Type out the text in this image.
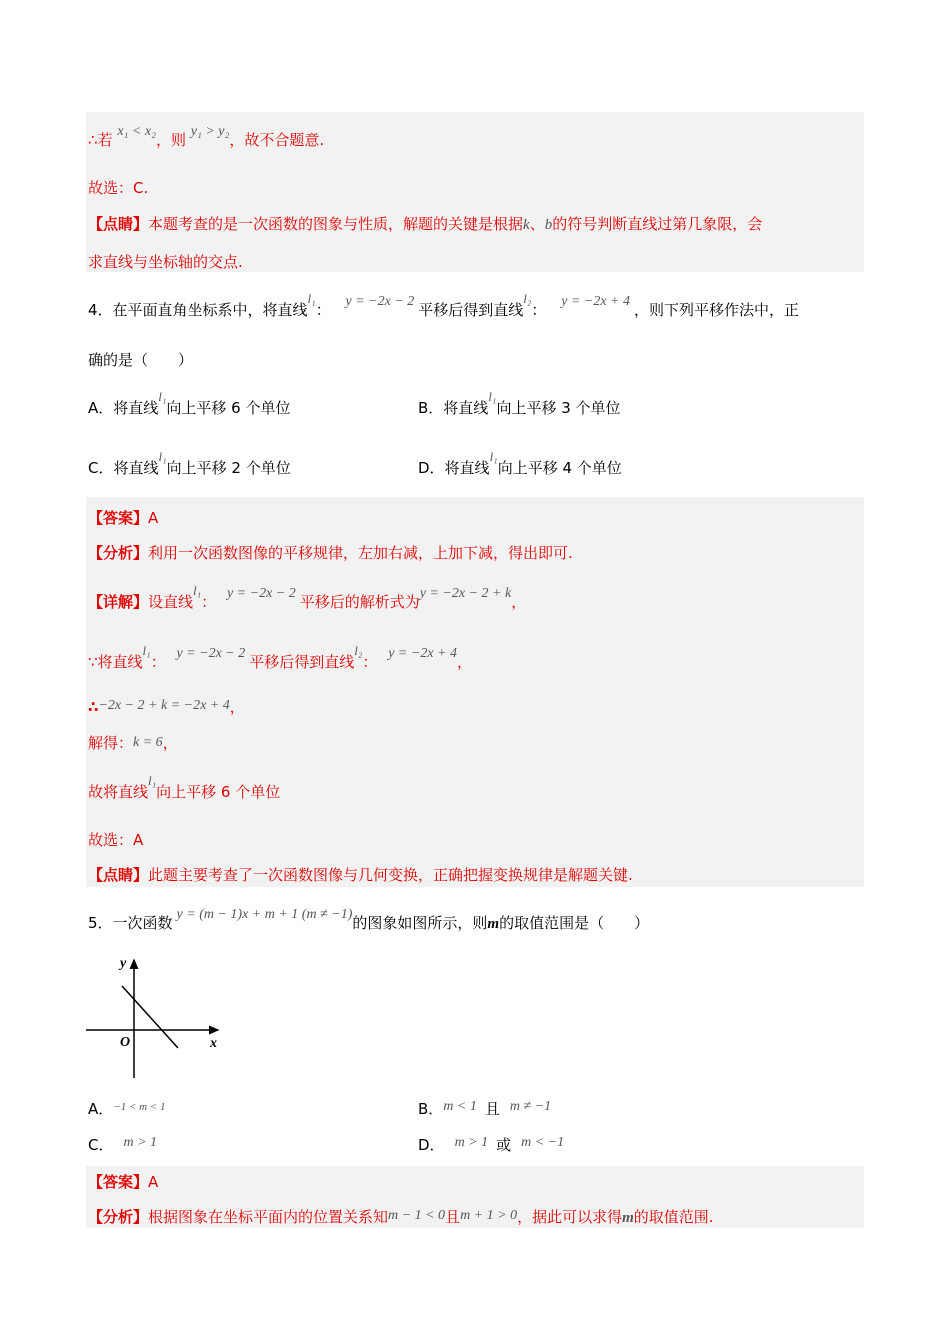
∴若 x₁ < x₂，则 y₁ > y₂，故不合题意.
故选：C.
【点睛】本题考查的是一次函数的图象与性质，解题的关键是根据k、b的符号判断直线过第几象限，会
求直线与坐标轴的交点.
4．在平面直角坐标系中，将直线l₁： y = −2x − 2 平移后得到直线l₂： y = −2x + 4 ，则下列平移作法中，正
确的是（　　）
A．将直线l₁向上平移 6 个单位	B．将直线l₁向上平移 3 个单位
C．将直线l₁向上平移 2 个单位	D．将直线l₁向上平移 4 个单位
【答案】A
【分析】利用一次函数图像的平移规律，左加右减，上加下减，得出即可.
【详解】设直线l₁： y = −2x − 2 平移后的解析式为y = −2x − 2 + k，
∵将直线l₁： y = −2x − 2 平移后得到直线l₂： y = −2x + 4，
∴−2x − 2 + k = −2x + 4，
解得：k = 6，
故将直线l₁向上平移 6 个单位
故选：A
【点睛】此题主要考查了一次函数图像与几何变换，正确把握变换规律是解题关键.
5．一次函数 y = (m − 1)x + m + 1 (m ≠ −1)的图象如图所示，则m的取值范围是（　　）
y
x
O
A．$^{-1 < m < 1}$	B．m < 1 且 m ≠ −1
C． m > 1	D． m > 1 或 m < −1
【答案】A
【分析】根据图象在坐标平面内的位置关系知m − 1 < 0且m + 1 > 0，据此可以求得m的取值范围.
